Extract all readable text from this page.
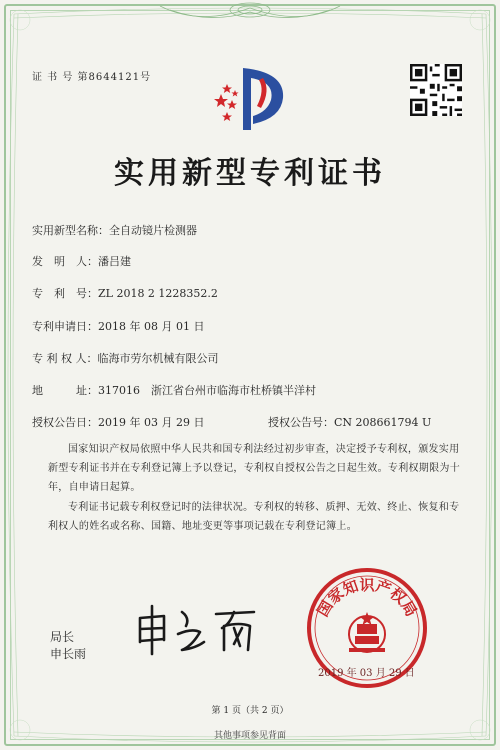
证 书 号 第8644121号
实用新型专利证书
实用新型名称：全自动镜片检测器
发　明　人：潘吕建
专　利　号：ZL 2018 2 1228352.2
专利申请日：2018 年 08 月 01 日
专 利 权 人：临海市劳尔机械有限公司
地　　　址：317016　浙江省台州市临海市杜桥镇半洋村
授权公告日：2019 年 03 月 29 日	授权公告号：CN 208661794 U
国家知识产权局依照中华人民共和国专利法经过初步审查，决定授予专利权，颁发实用
新型专利证书并在专利登记簿上予以登记，专利权自授权公告之日起生效。专利权期限为十
年，自申请日起算。
专利证书记载专利权登记时的法律状况。专利权的转移、质押、无效、终止、恢复和专
利权人的姓名或名称、国籍、地址变更等事项记载在专利登记簿上。
局长
申长雨
国家知识产权局
2019 年 03 月 29 日
第 1 页（共 2 页）
其他事项参见背面
